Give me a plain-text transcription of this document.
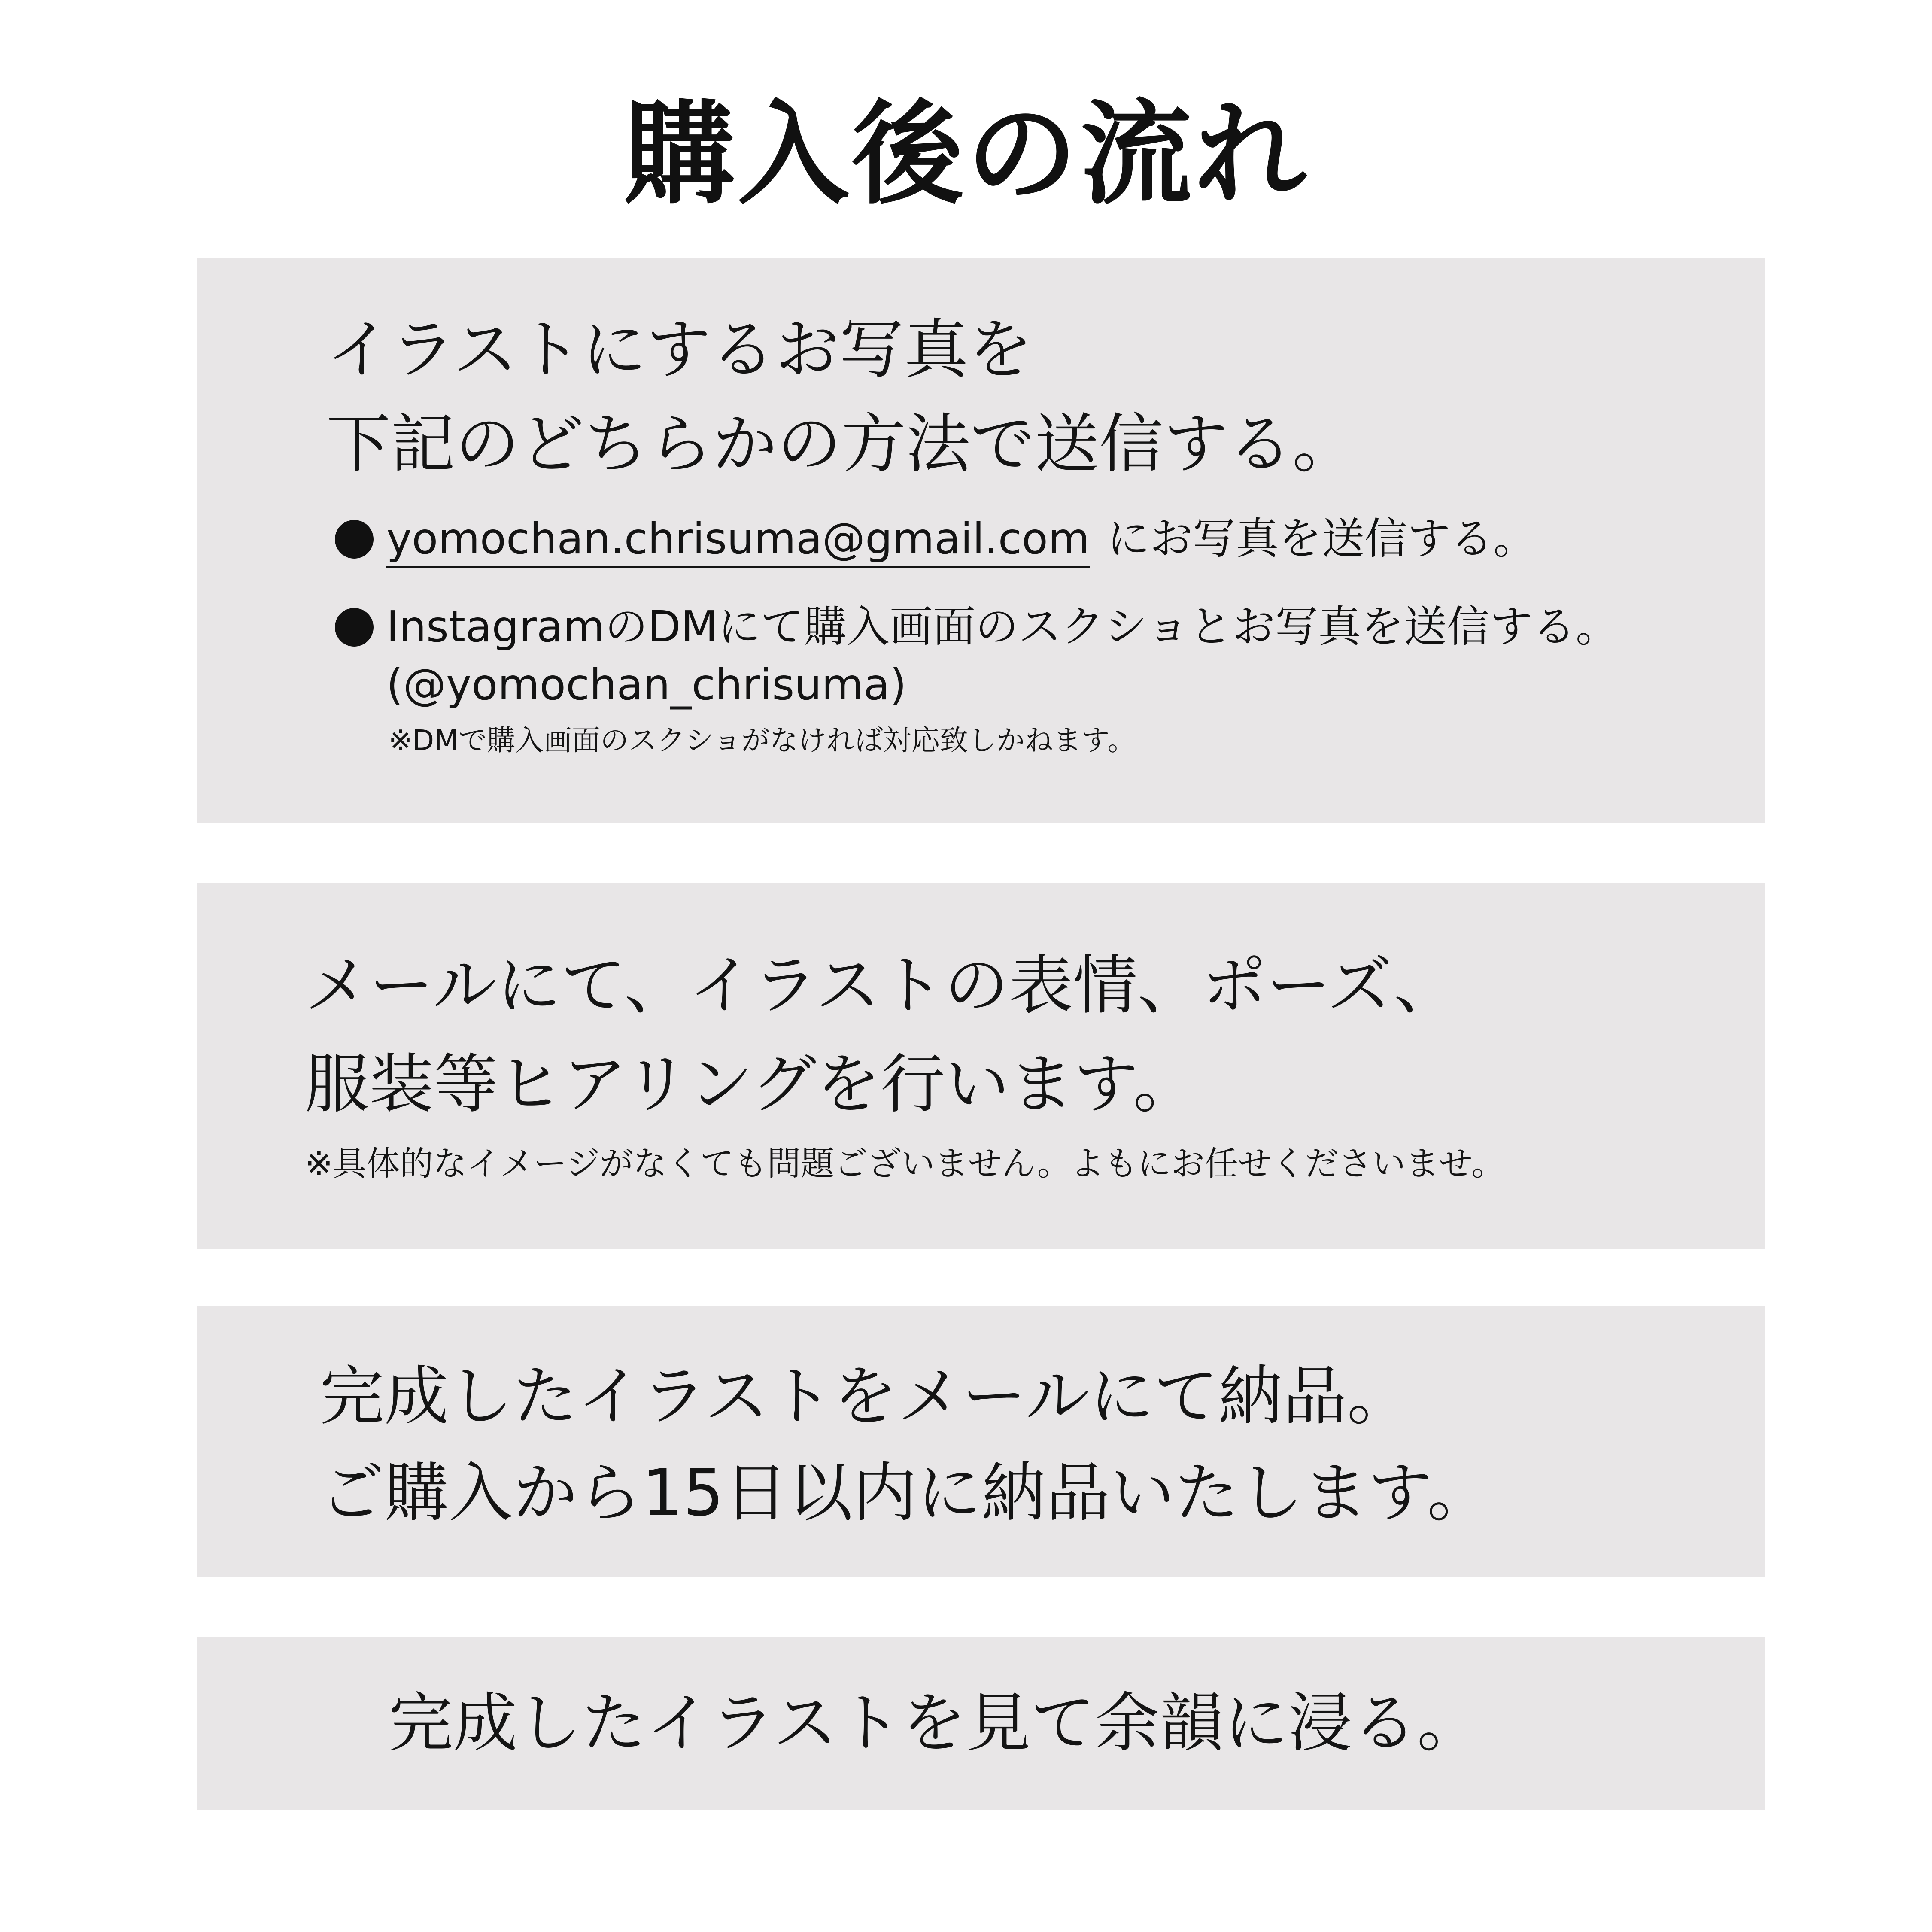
購入後の流れ
イラストにするお写真を
下記のどちらかの方法で送信する。
yomochan.chrisuma@gmail.com にお写真を送信する。
InstagramのDMにて購入画面のスクショとお写真を送信する。
(@yomochan_chrisuma)
※DMで購入画面のスクショがなければ対応致しかねます。
メールにて、イラストの表情、ポーズ、
服装等ヒアリングを行います。
※具体的なイメージがなくても問題ございません。よもにお任せくださいませ。
完成したイラストをメールにて納品。
ご購入から15日以内に納品いたします。
完成したイラストを見て余韻に浸る。
